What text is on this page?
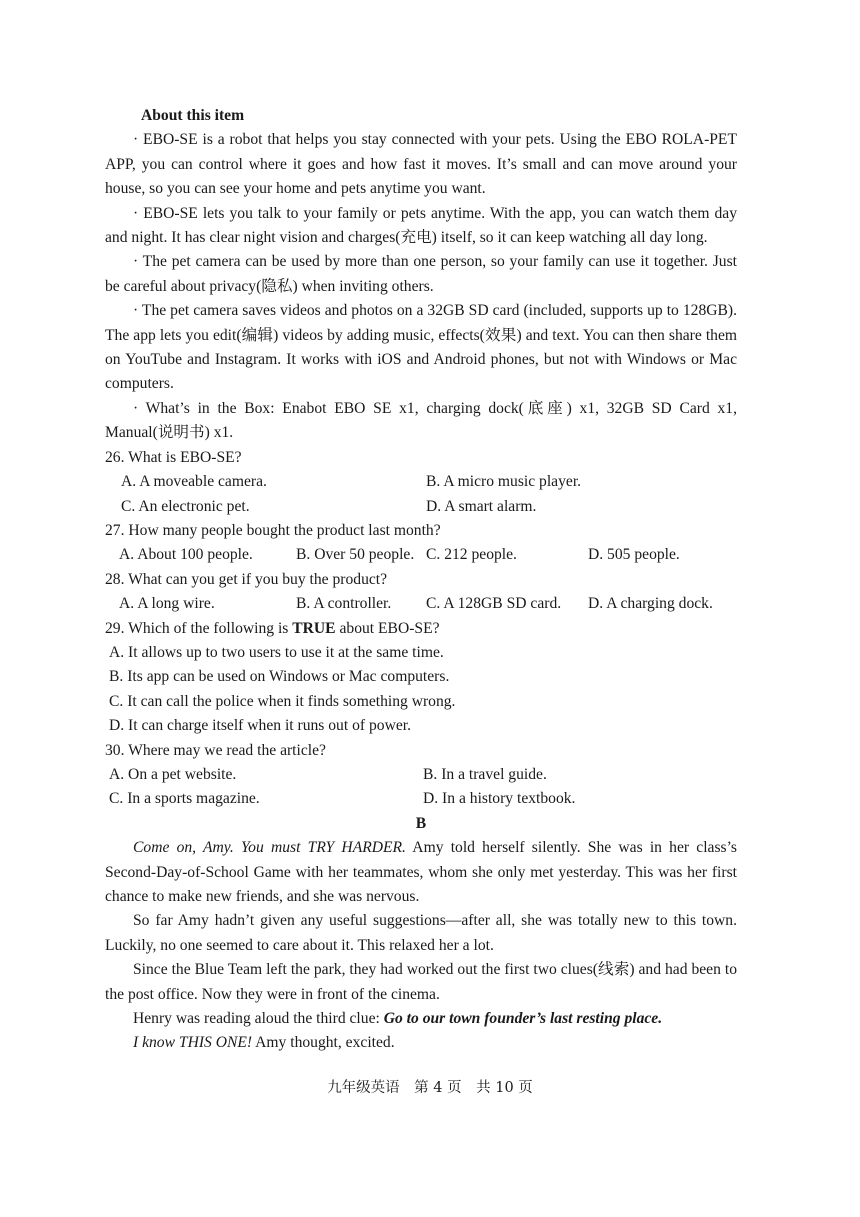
About this item
· EBO-SE is a robot that helps you stay connected with your pets. Using the EBO ROLA-PET APP, you can control where it goes and how fast it moves. It’s small and can move around your house, so you can see your home and pets anytime you want.
· EBO-SE lets you talk to your family or pets anytime. With the app, you can watch them day and night. It has clear night vision and charges(充电) itself, so it can keep watching all day long.
· The pet camera can be used by more than one person, so your family can use it together. Just be careful about privacy(隐私) when inviting others.
· The pet camera saves videos and photos on a 32GB SD card (included, supports up to 128GB). The app lets you edit(编辑) videos by adding music, effects(效果) and text. You can then share them on YouTube and Instagram. It works with iOS and Android phones, but not with Windows or Mac computers.
· What’s in the Box: Enabot EBO SE x1, charging dock(底座) x1, 32GB SD Card x1, Manual(说明书) x1.
26. What is EBO-SE?
A. A moveable camera.	B. A micro music player.
C. An electronic pet.	D. A smart alarm.
27. How many people bought the product last month?
A. About 100 people.	B. Over 50 people. C. 212 people.	D. 505 people.
28. What can you get if you buy the product?
A. A long wire.	B. A controller.	C. A 128GB SD card.	D. A charging dock.
29. Which of the following is TRUE about EBO-SE?
A. It allows up to two users to use it at the same time.
B. Its app can be used on Windows or Mac computers.
C. It can call the police when it finds something wrong.
D. It can charge itself when it runs out of power.
30. Where may we read the article?
A. On a pet website.	B. In a travel guide.
C. In a sports magazine.	D. In a history textbook.
B
Come on, Amy. You must TRY HARDER. Amy told herself silently. She was in her class’s Second-Day-of-School Game with her teammates, whom she only met yesterday. This was her first chance to make new friends, and she was nervous.
So far Amy hadn’t given any useful suggestions—after all, she was totally new to this town. Luckily, no one seemed to care about it. This relaxed her a lot.
Since the Blue Team left the park, they had worked out the first two clues(线索) and had been to the post office. Now they were in front of the cinema.
Henry was reading aloud the third clue: Go to our town founder’s last resting place.
I know THIS ONE! Amy thought, excited.
九年级英语　第 4 页　共 10 页
